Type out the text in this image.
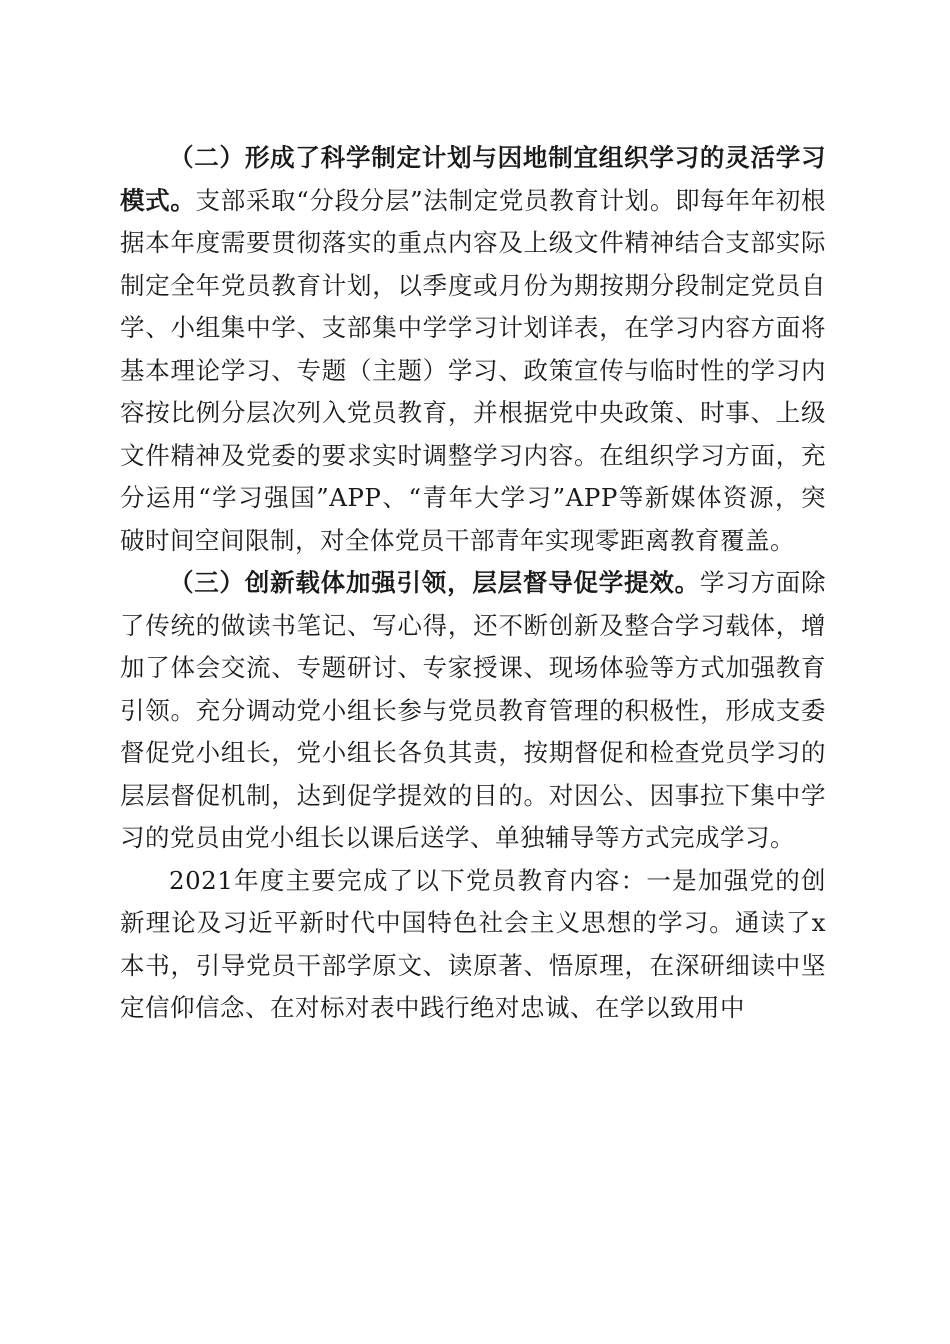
（二）形成了科学制定计划与因地制宜组织学习的灵活学习模式。支部采取“分段分层”法制定党员教育计划。即每年年初根据本年度需要贯彻落实的重点内容及上级文件精神结合支部实际制定全年党员教育计划，以季度或月份为期按期分段制定党员自学、小组集中学、支部集中学学习计划详表，在学习内容方面将基本理论学习、专题（主题）学习、政策宣传与临时性的学习内容按比例分层次列入党员教育，并根据党中央政策、时事、上级文件精神及党委的要求实时调整学习内容。在组织学习方面，充分运用“学习强国”APP、“青年大学习”APP等新媒体资源，突破时间空间限制，对全体党员干部青年实现零距离教育覆盖。

（三）创新载体加强引领，层层督导促学提效。学习方面除了传统的做读书笔记、写心得，还不断创新及整合学习载体，增加了体会交流、专题研讨、专家授课、现场体验等方式加强教育引领。充分调动党小组长参与党员教育管理的积极性，形成支委督促党小组长，党小组长各负其责，按期督促和检查党员学习的层层督促机制，达到促学提效的目的。对因公、因事拉下集中学习的党员由党小组长以课后送学、单独辅导等方式完成学习。

2021年度主要完成了以下党员教育内容：一是加强党的创新理论及习近平新时代中国特色社会主义思想的学习。通读了x本书，引导党员干部学原文、读原著、悟原理，在深研细读中坚定信仰信念、在对标对表中践行绝对忠诚、在学以致用中
